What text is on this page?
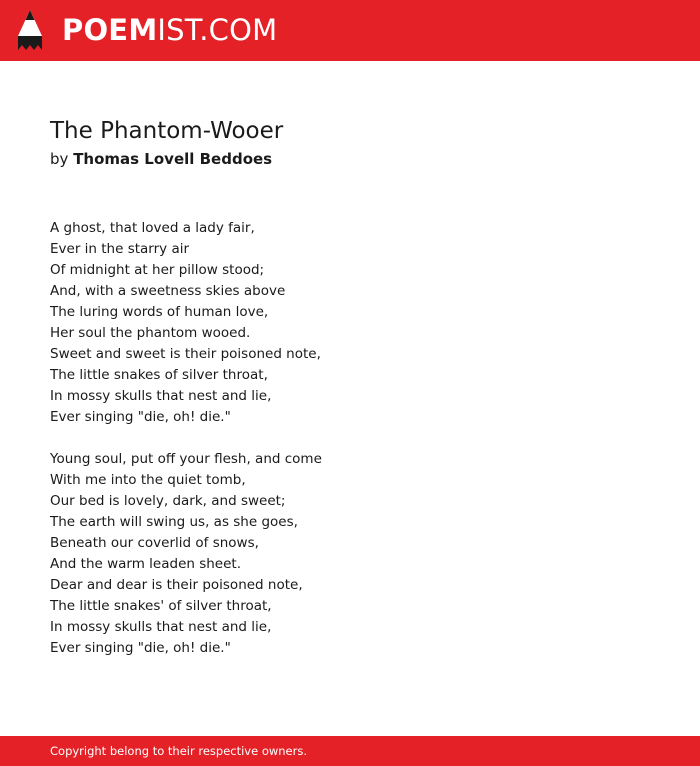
POEMIST.COM
The Phantom-Wooer
by Thomas Lovell Beddoes
A ghost, that loved a lady fair,
Ever in the starry air
Of midnight at her pillow stood;
And, with a sweetness skies above
The luring words of human love,
Her soul the phantom wooed.
Sweet and sweet is their poisoned note,
The little snakes of silver throat,
In mossy skulls that nest and lie,
Ever singing "die, oh! die."
Young soul, put off your flesh, and come
With me into the quiet tomb,
Our bed is lovely, dark, and sweet;
The earth will swing us, as she goes,
Beneath our coverlid of snows,
And the warm leaden sheet.
Dear and dear is their poisoned note,
The little snakes' of silver throat,
In mossy skulls that nest and lie,
Ever singing "die, oh! die."
Copyright belong to their respective owners.
